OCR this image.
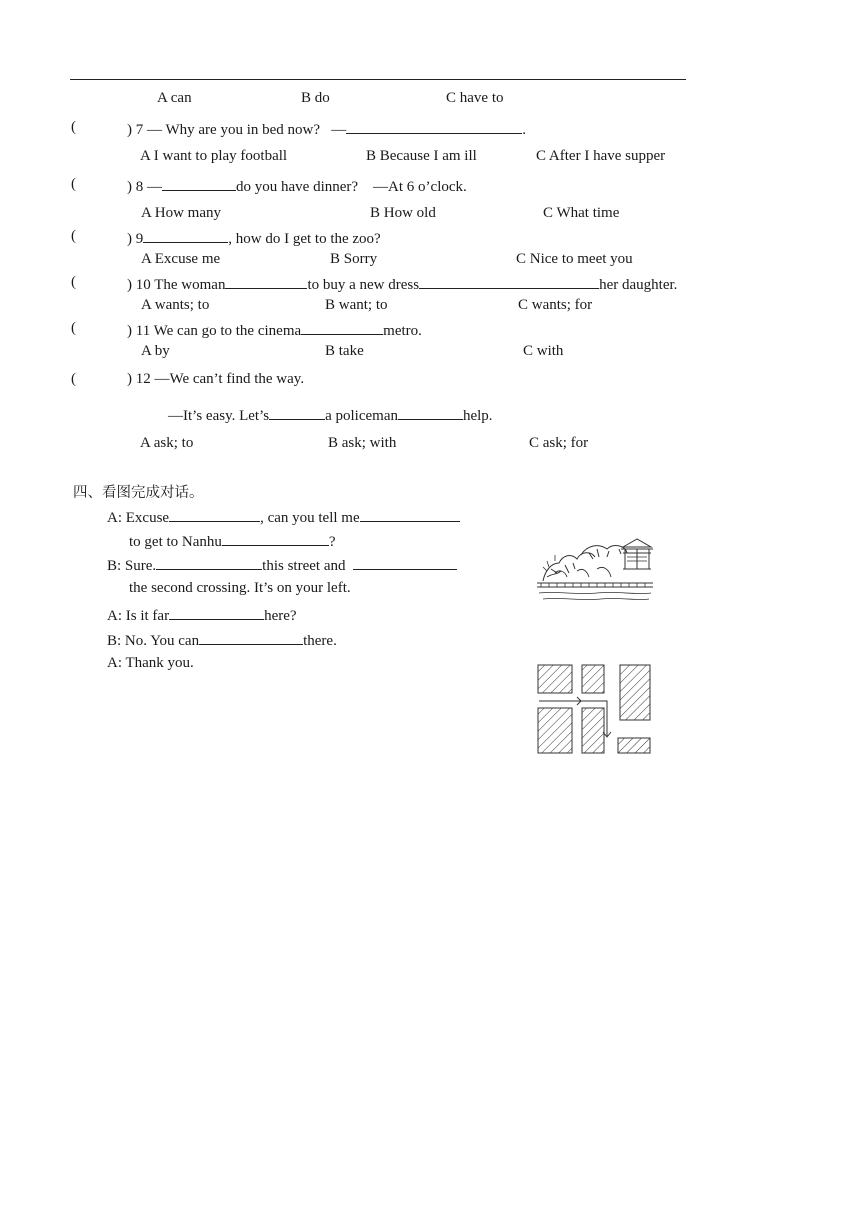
A can	B do	C have to
(	) 7 — Why are you in bed now? —	.
A I want to play football	B Because I am ill	C After I have supper
(	) 8 —	do you have dinner? —At 6 o’clock.
A How many	B How old	C What time
(	) 9	, how do I get to the zoo?
A Excuse me	B Sorry	C Nice to meet you
(	) 10 The woman	to buy a new dress	her daughter.
A wants; to	B want; to	C wants; for
(	) 11 We can go to the cinema	metro.
A by	B take	C with
(	) 12 —We can’t find the way.
—It’s easy. Let’s	a policeman	help.
A ask; to	B ask; with	C ask; for
四、看图完成对话。
A: Excuse	, can you tell me
to get to Nanhu	?
B: Sure.	this street and
the second crossing. It’s on your left.
A: Is it far	here?
B: No. You can	there.
A: Thank you.
